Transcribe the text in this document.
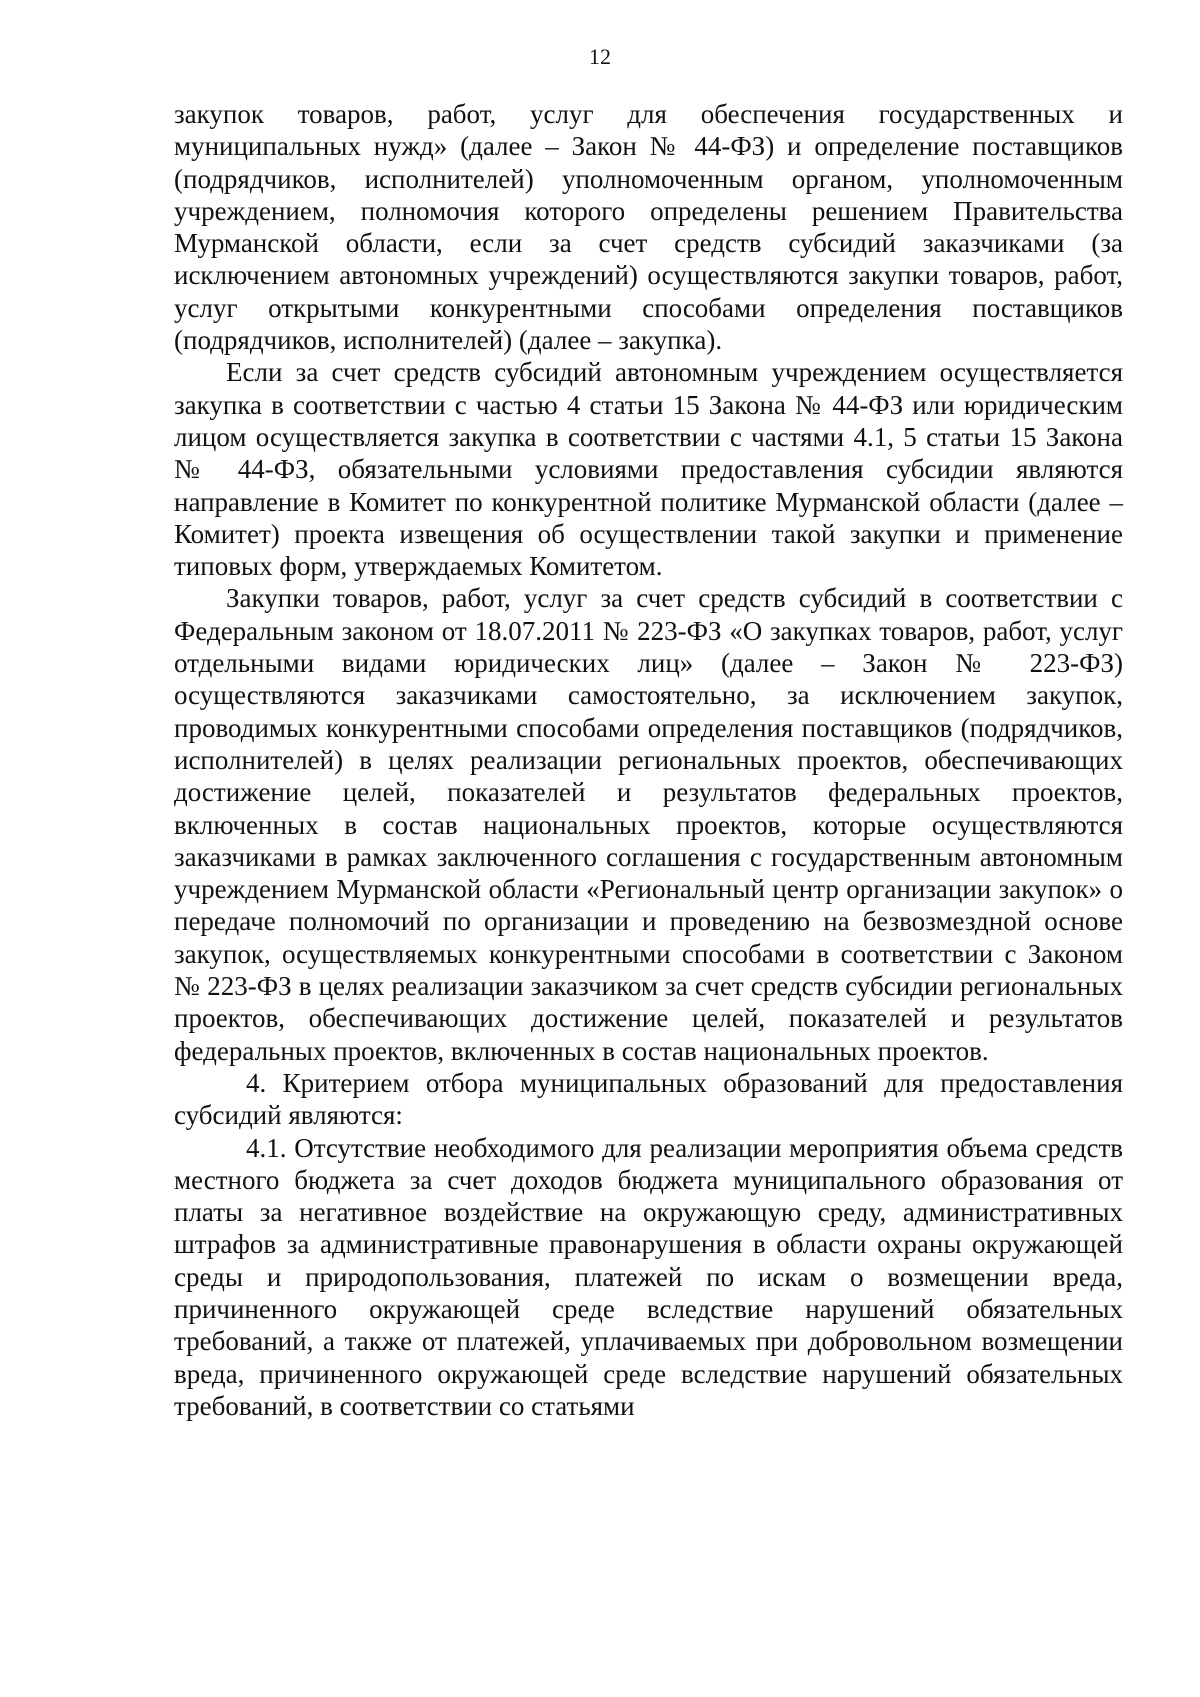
12

закупок товаров, работ, услуг для обеспечения государственных и муниципальных нужд» (далее – Закон № 44-ФЗ) и определение поставщиков (подрядчиков, исполнителей) уполномоченным органом, уполномоченным учреждением, полномочия которого определены решением Правительства Мурманской области, если за счет средств субсидий заказчиками (за исключением автономных учреждений) осуществляются закупки товаров, работ, услуг открытыми конкурентными способами определения поставщиков (подрядчиков, исполнителей) (далее – закупка).

Если за счет средств субсидий автономным учреждением осуществляется закупка в соответствии с частью 4 статьи 15 Закона № 44-ФЗ или юридическим лицом осуществляется закупка в соответствии с частями 4.1, 5 статьи 15 Закона № 44-ФЗ, обязательными условиями предоставления субсидии являются направление в Комитет по конкурентной политике Мурманской области (далее – Комитет) проекта извещения об осуществлении такой закупки и применение типовых форм, утверждаемых Комитетом.

Закупки товаров, работ, услуг за счет средств субсидий в соответствии с Федеральным законом от 18.07.2011 № 223-ФЗ «О закупках товаров, работ, услуг отдельными видами юридических лиц» (далее – Закон № 223-ФЗ) осуществляются заказчиками самостоятельно, за исключением закупок, проводимых конкурентными способами определения поставщиков (подрядчиков, исполнителей) в целях реализации региональных проектов, обеспечивающих достижение целей, показателей и результатов федеральных проектов, включенных в состав национальных проектов, которые осуществляются заказчиками в рамках заключенного соглашения с государственным автономным учреждением Мурманской области «Региональный центр организации закупок» о передаче полномочий по организации и проведению на безвозмездной основе закупок, осуществляемых конкурентными способами в соответствии с Законом № 223-ФЗ в целях реализации заказчиком за счет средств субсидии региональных проектов, обеспечивающих достижение целей, показателей и результатов федеральных проектов, включенных в состав национальных проектов.

4. Критерием отбора муниципальных образований для предоставления субсидий являются:

4.1. Отсутствие необходимого для реализации мероприятия объема средств местного бюджета за счет доходов бюджета муниципального образования от платы за негативное воздействие на окружающую среду, административных штрафов за административные правонарушения в области охраны окружающей среды и природопользования, платежей по искам о возмещении вреда, причиненного окружающей среде вследствие нарушений обязательных требований, а также от платежей, уплачиваемых при добровольном возмещении вреда, причиненного окружающей среде вследствие нарушений обязательных требований, в соответствии со статьями
